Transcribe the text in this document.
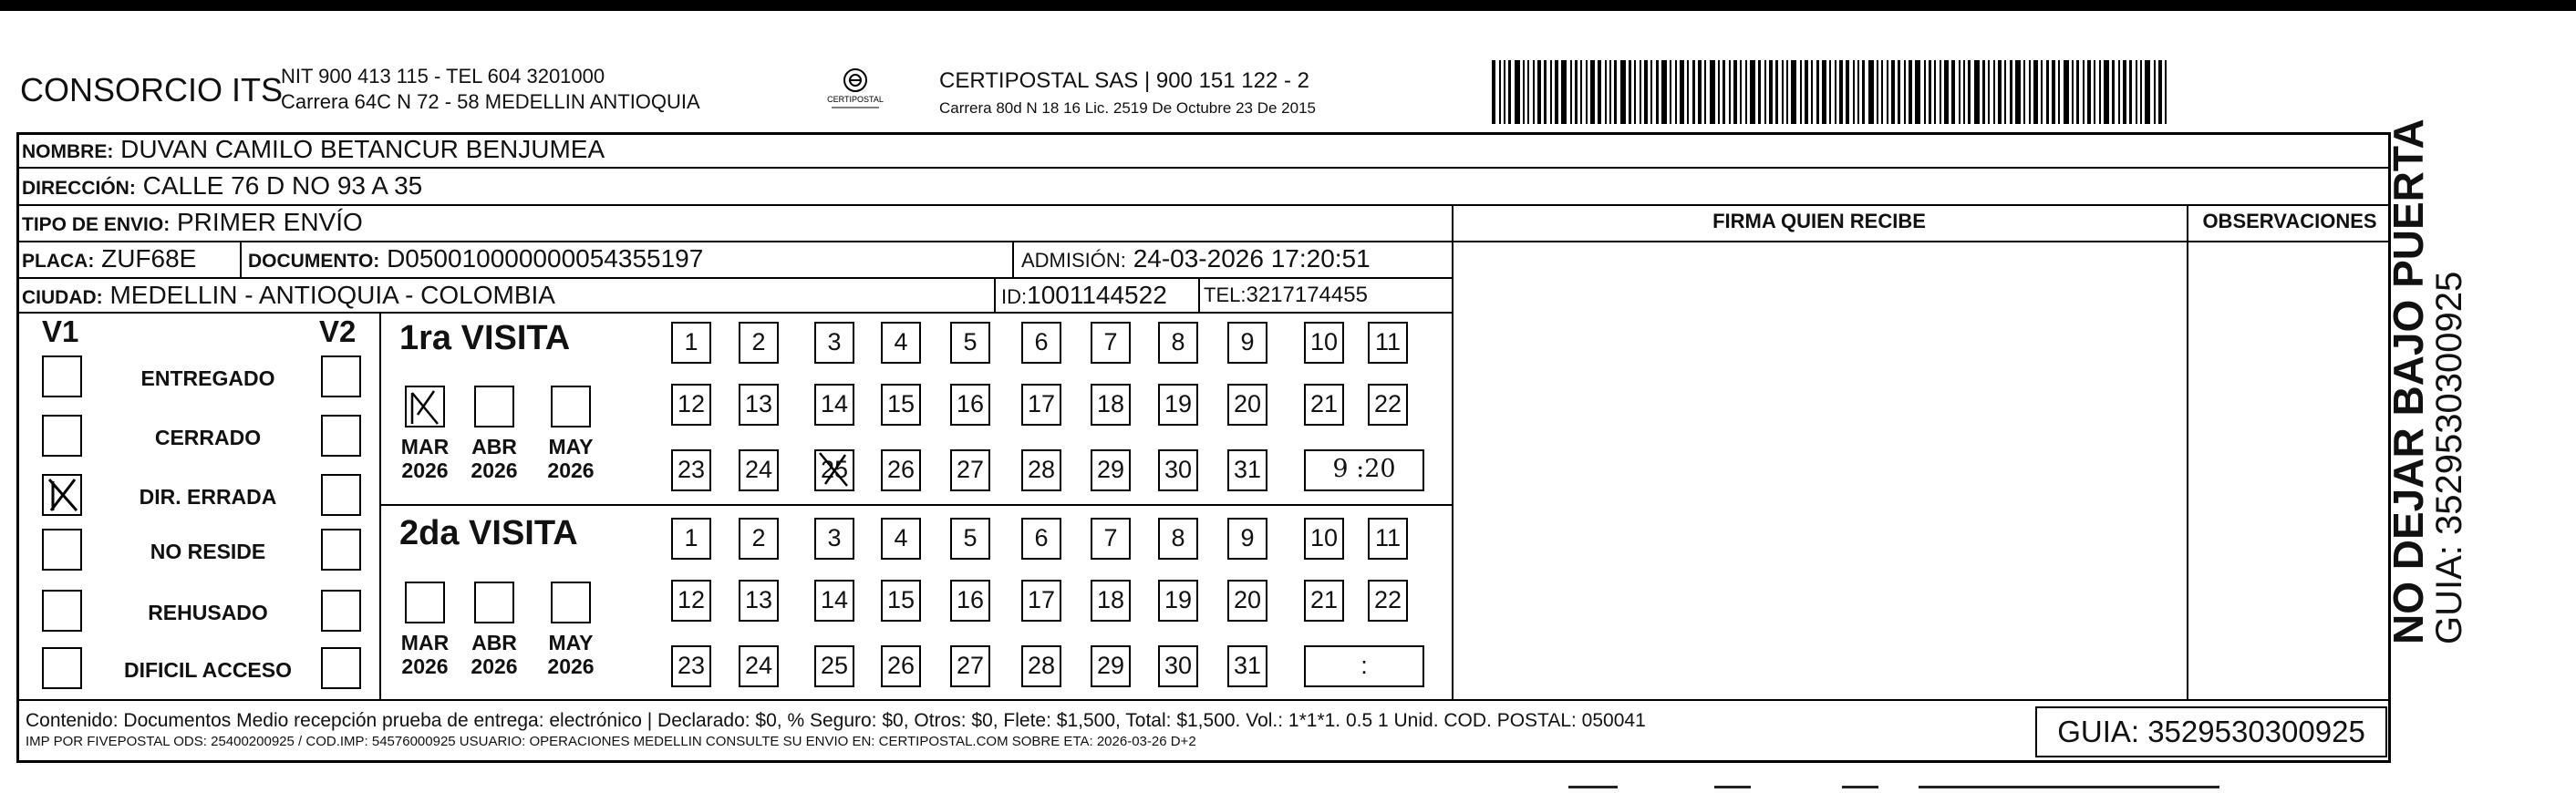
CONSORCIO ITS
NIT 900 413 115 - TEL 604 3201000
Carrera 64C N 72 - 58 MEDELLIN ANTIOQUIA	CERTIPOSTAL
CERTIPOSTAL SAS | 900 151 122 - 2
Carrera 80d N 18 16 Lic. 2519 De Octubre 23 De 2015
NOMBRE: DUVAN CAMILO BETANCUR BENJUMEA
DIRECCIÓN: CALLE 76 D NO 93 A 35
TIPO DE ENVIO: PRIMER ENVÍO
PLACA: ZUF68E	DOCUMENTO: D050010000000054355197	ADMISIÓN: 24-03-2026 17:20:51
CIUDAD: MEDELLIN - ANTIOQUIA - COLOMBIA	ID:1001144522 TEL:3217174455
FIRMA QUIEN RECIBE	OBSERVACIONES
V1	V2
ENTREGADO
CERRADO
DIR. ERRADA
NO RESIDE
REHUSADO
DIFICIL ACCESO
1ra VISITA
2da VISITA
1	2	3	4	5	6	7	8	9	10 11
12 13 14 15 16 17 18 19 20 21 22
23 24 25 26 27 28 29 30 31	9 :20
MAR
2026
ABR
2026
MAY
2026
1	2	3	4	5	6	7	8	9	10 11
12 13 14 15 16 17 18 19 20 21 22
23 24 25 26 27 28 29 30 31	:
MAR
2026
ABR
2026
MAY
2026
Contenido: Documentos Medio recepción prueba de entrega: electrónico | Declarado: $0, % Seguro: $0, Otros: $0, Flete: $1,500, Total: $1,500. Vol.: 1*1*1. 0.5 1 Unid. COD. POSTAL: 050041
IMP POR FIVEPOSTAL ODS: 25400200925 / COD.IMP: 54576000925 USUARIO: OPERACIONES MEDELLIN CONSULTE SU ENVIO EN: CERTIPOSTAL.COM SOBRE ETA: 2026-03-26 D+2	GUIA: 3529530300925
NO DEJAR BAJO PUERTA
GUIA: 3529530300925
